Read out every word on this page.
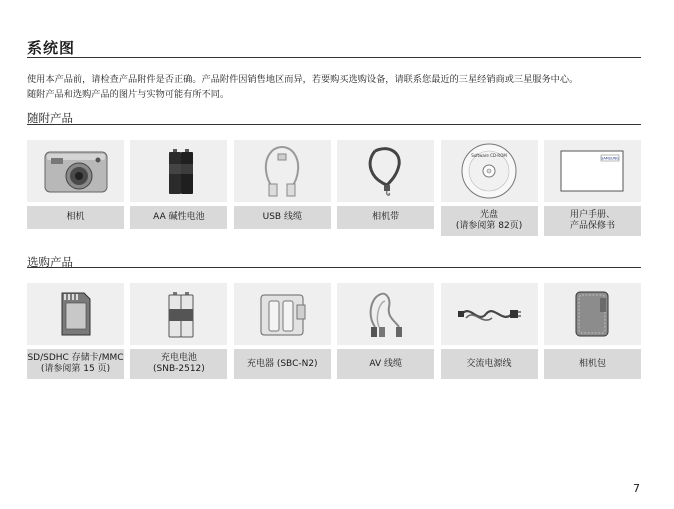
系统图
使用本产品前，请检查产品附件是否正确。产品附件因销售地区而异，若要购买选购设备，请联系您最近的三星经销商或三星服务中心。
随附产品和选购产品的图片与实物可能有所不同。
随附产品
相机	AA 碱性电池	USB 线缆	相机带
Software CD-ROM
光盘
(请参阅第 82页)
SAMSUNG
用户手册、
产品保修书
选购产品
SD/SDHC 存储卡/MMC
(请参阅第 15 页)
充电电池
(SNB-2512)
充电器 (SBC-N2)	AV 线缆	交流电源线	相机包
7
